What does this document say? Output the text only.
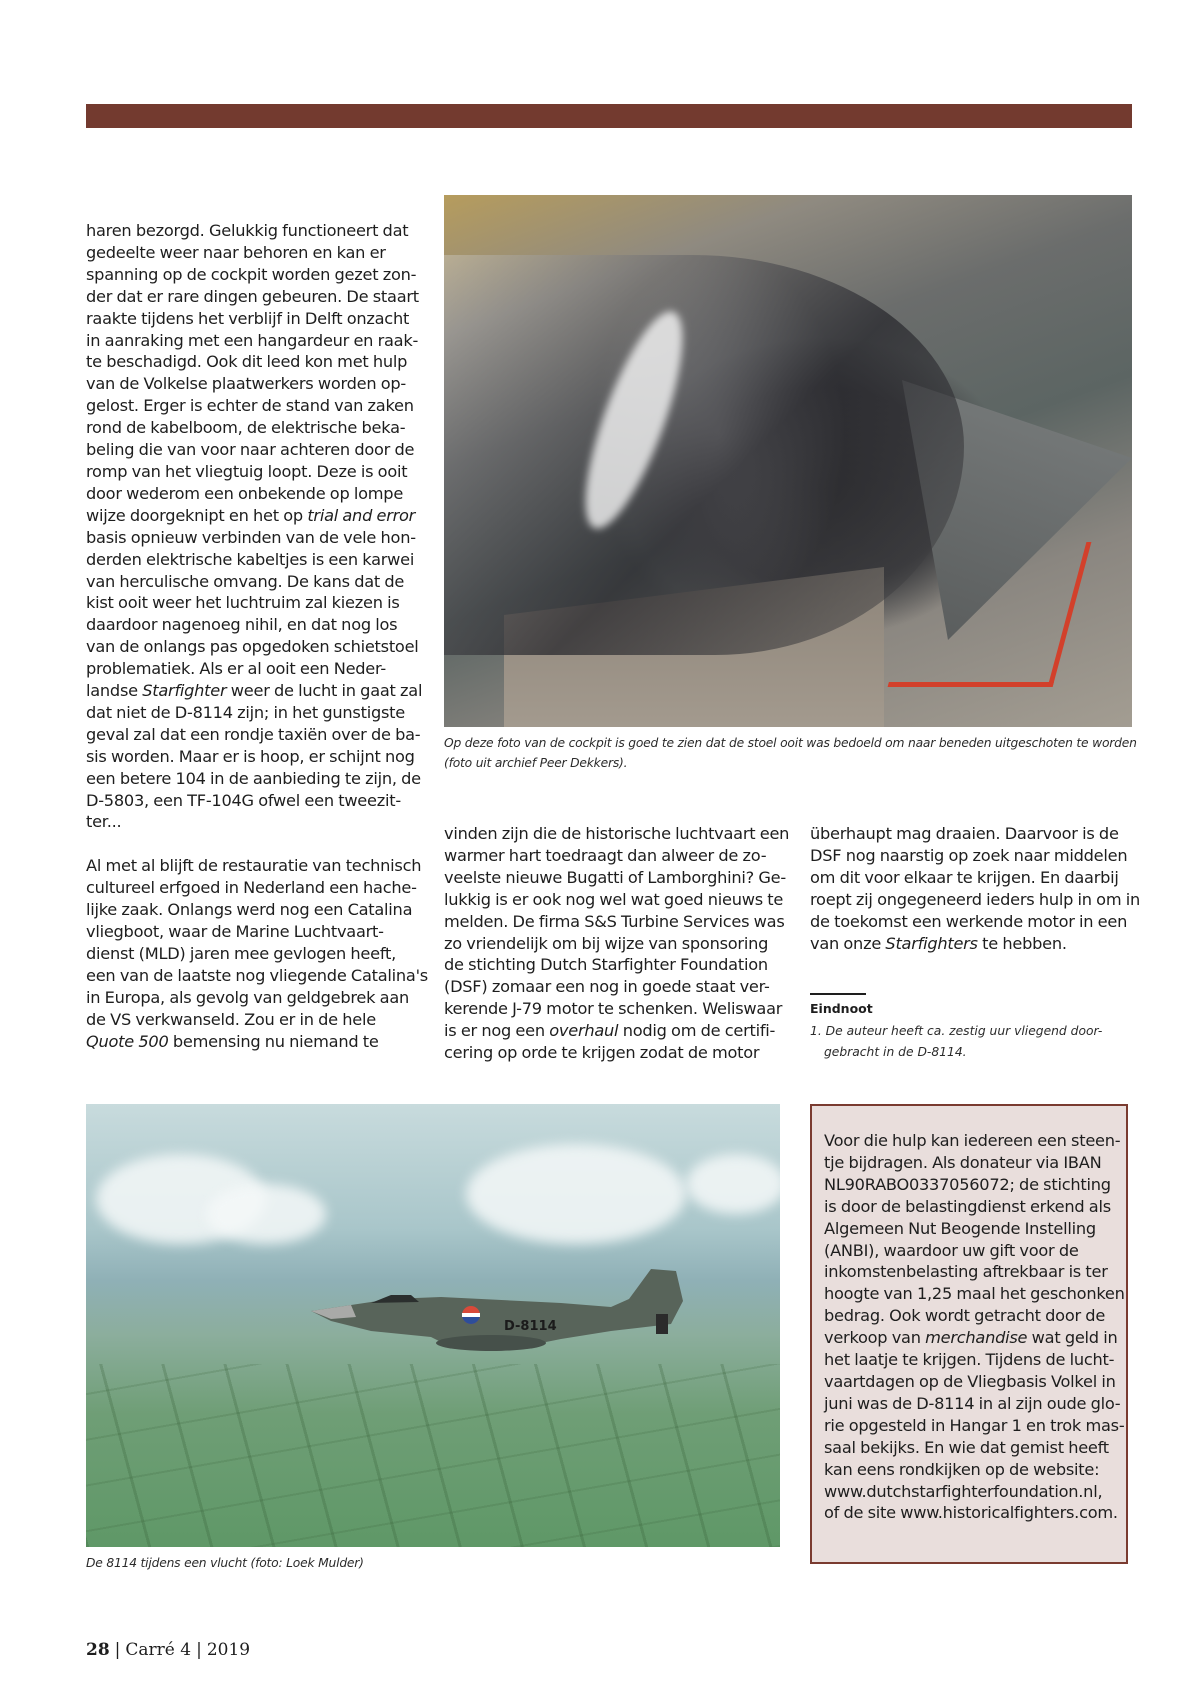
haren bezorgd. Gelukkig functioneert dat
gedeelte weer naar behoren en kan er
spanning op de cockpit worden gezet zon-
der dat er rare dingen gebeuren. De staart
raakte tijdens het verblijf in Delft onzacht
in aanraking met een hangardeur en raak-
te beschadigd. Ook dit leed kon met hulp
van de Volkelse plaatwerkers worden op-
gelost. Erger is echter de stand van zaken
rond de kabelboom, de elektrische beka-
beling die van voor naar achteren door de
romp van het vliegtuig loopt. Deze is ooit
door wederom een onbekende op lompe
wijze doorgeknipt en het op trial and error
basis opnieuw verbinden van de vele hon-
derden elektrische kabeltjes is een karwei
van herculische omvang. De kans dat de
kist ooit weer het luchtruim zal kiezen is
daardoor nagenoeg nihil, en dat nog los
van de onlangs pas opgedoken schietstoel
problematiek. Als er al ooit een Neder-
landse Starfighter weer de lucht in gaat zal
dat niet de D-8114 zijn; in het gunstigste
geval zal dat een rondje taxiën over de ba-
sis worden. Maar er is hoop, er schijnt nog
een betere 104 in de aanbieding te zijn, de
D-5803, een TF-104G ofwel een tweezit-
ter...

Al met al blijft de restauratie van technisch
cultureel erfgoed in Nederland een hache-
lijke zaak. Onlangs werd nog een Catalina
vliegboot, waar de Marine Luchtvaart-
dienst (MLD) jaren mee gevlogen heeft,
een van de laatste nog vliegende Catalina's
in Europa, als gevolg van geldgebrek aan
de VS verkwanseld. Zou er in de hele
Quote 500 bemensing nu niemand te

Op deze foto van de cockpit is goed te zien dat de stoel ooit was bedoeld om naar beneden uitgeschoten te worden (foto uit archief Peer Dekkers).

vinden zijn die de historische luchtvaart een
warmer hart toedraagt dan alweer de zo-
veelste nieuwe Bugatti of Lamborghini? Ge-
lukkig is er ook nog wel wat goed nieuws te
melden. De firma S&S Turbine Services was
zo vriendelijk om bij wijze van sponsoring
de stichting Dutch Starfighter Foundation
(DSF) zomaar een nog in goede staat ver-
kerende J-79 motor te schenken. Weliswaar
is er nog een overhaul nodig om de certifi-
cering op orde te krijgen zodat de motor

überhaupt mag draaien. Daarvoor is de
DSF nog naarstig op zoek naar middelen
om dit voor elkaar te krijgen. En daarbij
roept zij ongegeneerd ieders hulp in om in
de toekomst een werkende motor in een
van onze Starfighters te hebben.

Eindnoot
1. De auteur heeft ca. zestig uur vliegend door-
gebracht in de D-8114.
D-8114
De 8114 tijdens een vlucht (foto: Loek Mulder)
Voor die hulp kan iedereen een steen-
tje bijdragen. Als donateur via IBAN
NL90RABO0337056072; de stichting
is door de belastingdienst erkend als
Algemeen Nut Beogende Instelling
(ANBI), waardoor uw gift voor de
inkomstenbelasting aftrekbaar is ter
hoogte van 1,25 maal het geschonken
bedrag. Ook wordt getracht door de
verkoop van merchandise wat geld in
het laatje te krijgen. Tijdens de lucht-
vaartdagen op de Vliegbasis Volkel in
juni was de D-8114 in al zijn oude glo-
rie opgesteld in Hangar 1 en trok mas-
saal bekijks. En wie dat gemist heeft
kan eens rondkijken op de website:
www.dutchstarfighterfoundation.nl,
of de site www.historicalfighters.com.
28 | Carré 4 | 2019
